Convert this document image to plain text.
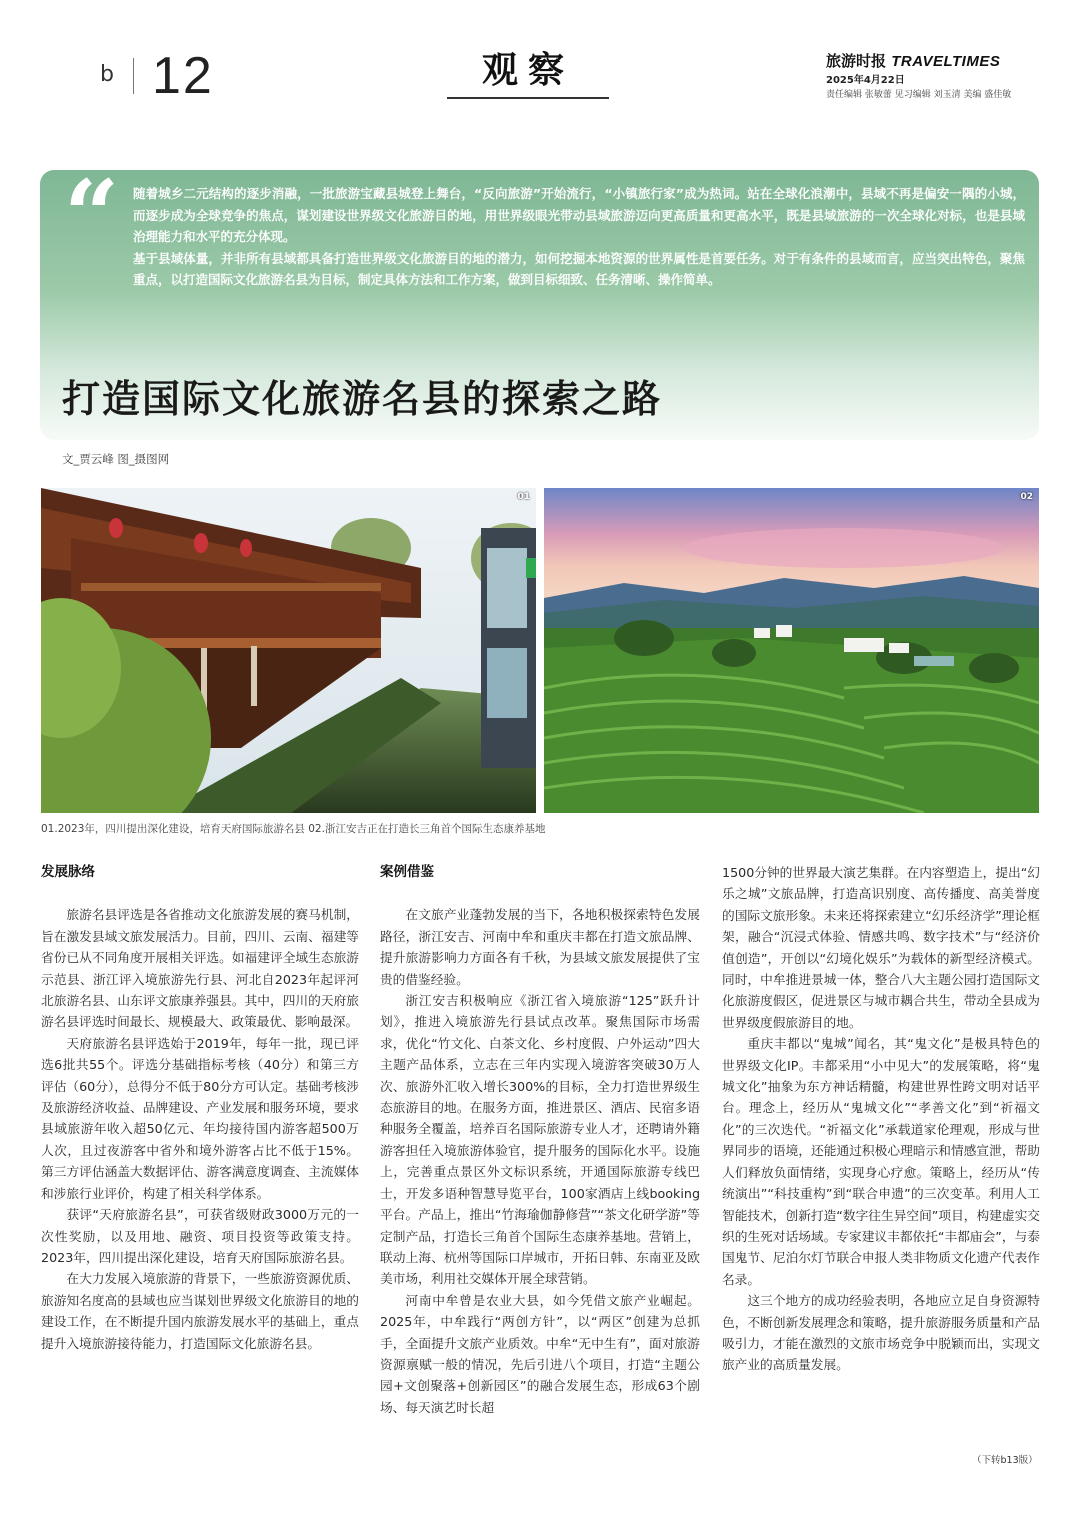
b 12	观察	旅游时报 TRAVELTIMES
2025年4月22日
责任编辑 张敏蕾 见习编辑 刘玉清 美编 盛佳敏
“ 随着城乡二元结构的逐步消融，一批旅游宝藏县城登上舞台，“反向旅游”开始流行，“小镇旅行家”成为热词。站在全球化浪潮中，县域不再是偏安一隅的小城，而逐步成为全球竞争的焦点，谋划建设世界级文化旅游目的地，用世界级眼光带动县域旅游迈向更高质量和更高水平，既是县域旅游的一次全球化对标，也是县域治理能力和水平的充分体现。

基于县域体量，并非所有县域都具备打造世界级文化旅游目的地的潜力，如何挖掘本地资源的世界属性是首要任务。对于有条件的县域而言，应当突出特色，聚焦重点，以打造国际文化旅游名县为目标，制定具体方法和工作方案，做到目标细致、任务清晰、操作简单。

打造国际文化旅游名县的探索之路
文_贾云峰 图_摄图网
01	02
01.2023年，四川提出深化建设，培育天府国际旅游名县 02.浙江安吉正在打造长三角首个国际生态康养基地
发展脉络

旅游名县评选是各省推动文化旅游发展的赛马机制，旨在激发县域文旅发展活力。目前，四川、云南、福建等省份已从不同角度开展相关评选。如福建评全域生态旅游示范县、浙江评入境旅游先行县、河北自2023年起评河北旅游名县、山东评文旅康养强县。其中，四川的天府旅游名县评选时间最长、规模最大、政策最优、影响最深。

天府旅游名县评选始于2019年，每年一批，现已评选6批共55个。评选分基础指标考核（40分）和第三方评估（60分），总得分不低于80分方可认定。基础考核涉及旅游经济收益、品牌建设、产业发展和服务环境，要求县域旅游年收入超50亿元、年均接待国内游客超500万人次，且过夜游客中省外和境外游客占比不低于15%。第三方评估涵盖大数据评估、游客满意度调查、主流媒体和涉旅行业评价，构建了相关科学体系。

获评“天府旅游名县”，可获省级财政3000万元的一次性奖励，以及用地、融资、项目投资等政策支持。2023年，四川提出深化建设，培育天府国际旅游名县。

在大力发展入境旅游的背景下，一些旅游资源优质、旅游知名度高的县域也应当谋划世界级文化旅游目的地的建设工作，在不断提升国内旅游发展水平的基础上，重点提升入境旅游接待能力，打造国际文化旅游名县。

案例借鉴

在文旅产业蓬勃发展的当下，各地积极探索特色发展路径，浙江安吉、河南中牟和重庆丰都在打造文旅品牌、提升旅游影响力方面各有千秋，为县域文旅发展提供了宝贵的借鉴经验。

浙江安吉积极响应《浙江省入境旅游“125”跃升计划》，推进入境旅游先行县试点改革。聚焦国际市场需求，优化“竹文化、白茶文化、乡村度假、户外运动”四大主题产品体系，立志在三年内实现入境游客突破30万人次、旅游外汇收入增长300%的目标，全力打造世界级生态旅游目的地。在服务方面，推进景区、酒店、民宿多语种服务全覆盖，培养百名国际旅游专业人才，还聘请外籍游客担任入境旅游体验官，提升服务的国际化水平。设施上，完善重点景区外文标识系统，开通国际旅游专线巴士，开发多语种智慧导览平台，100家酒店上线booking平台。产品上，推出“竹海瑜伽静修营”“茶文化研学游”等定制产品，打造长三角首个国际生态康养基地。营销上，联动上海、杭州等国际口岸城市，开拓日韩、东南亚及欧美市场，利用社交媒体开展全球营销。

河南中牟曾是农业大县，如今凭借文旅产业崛起。2025年，中牟践行“两创方针”，以“两区”创建为总抓手，全面提升文旅产业质效。中牟“无中生有”，面对旅游资源禀赋一般的情况，先后引进八个项目，打造“主题公园+文创聚落+创新园区”的融合发展生态，形成63个剧场、每天演艺时长超

1500分钟的世界最大演艺集群。在内容塑造上，提出“幻乐之城”文旅品牌，打造高识别度、高传播度、高美誉度的国际文旅形象。未来还将探索建立“幻乐经济学”理论框架，融合“沉浸式体验、情感共鸣、数字技术”与“经济价值创造”，开创以“幻境化娱乐”为载体的新型经济模式。同时，中牟推进景城一体，整合八大主题公园打造国际文化旅游度假区，促进景区与城市耦合共生，带动全县成为世界级度假旅游目的地。

重庆丰都以“鬼城”闻名，其“鬼文化”是极具特色的世界级文化IP。丰都采用“小中见大”的发展策略，将“鬼城文化”抽象为东方神话精髓，构建世界性跨文明对话平台。理念上，经历从“鬼城文化”“孝善文化”到“祈福文化”的三次迭代。“祈福文化”承载道家伦理观，形成与世界同步的语境，还能通过积极心理暗示和情感宣泄，帮助人们释放负面情绪，实现身心疗愈。策略上，经历从“传统演出”“科技重构”到“联合申遗”的三次变革。利用人工智能技术，创新打造“数字往生异空间”项目，构建虚实交织的生死对话场域。专家建议丰都依托“丰都庙会”，与泰国鬼节、尼泊尔灯节联合申报人类非物质文化遗产代表作名录。

这三个地方的成功经验表明，各地应立足自身资源特色，不断创新发展理念和策略，提升旅游服务质量和产品吸引力，才能在激烈的文旅市场竞争中脱颖而出，实现文旅产业的高质量发展。

（下转b13版）
